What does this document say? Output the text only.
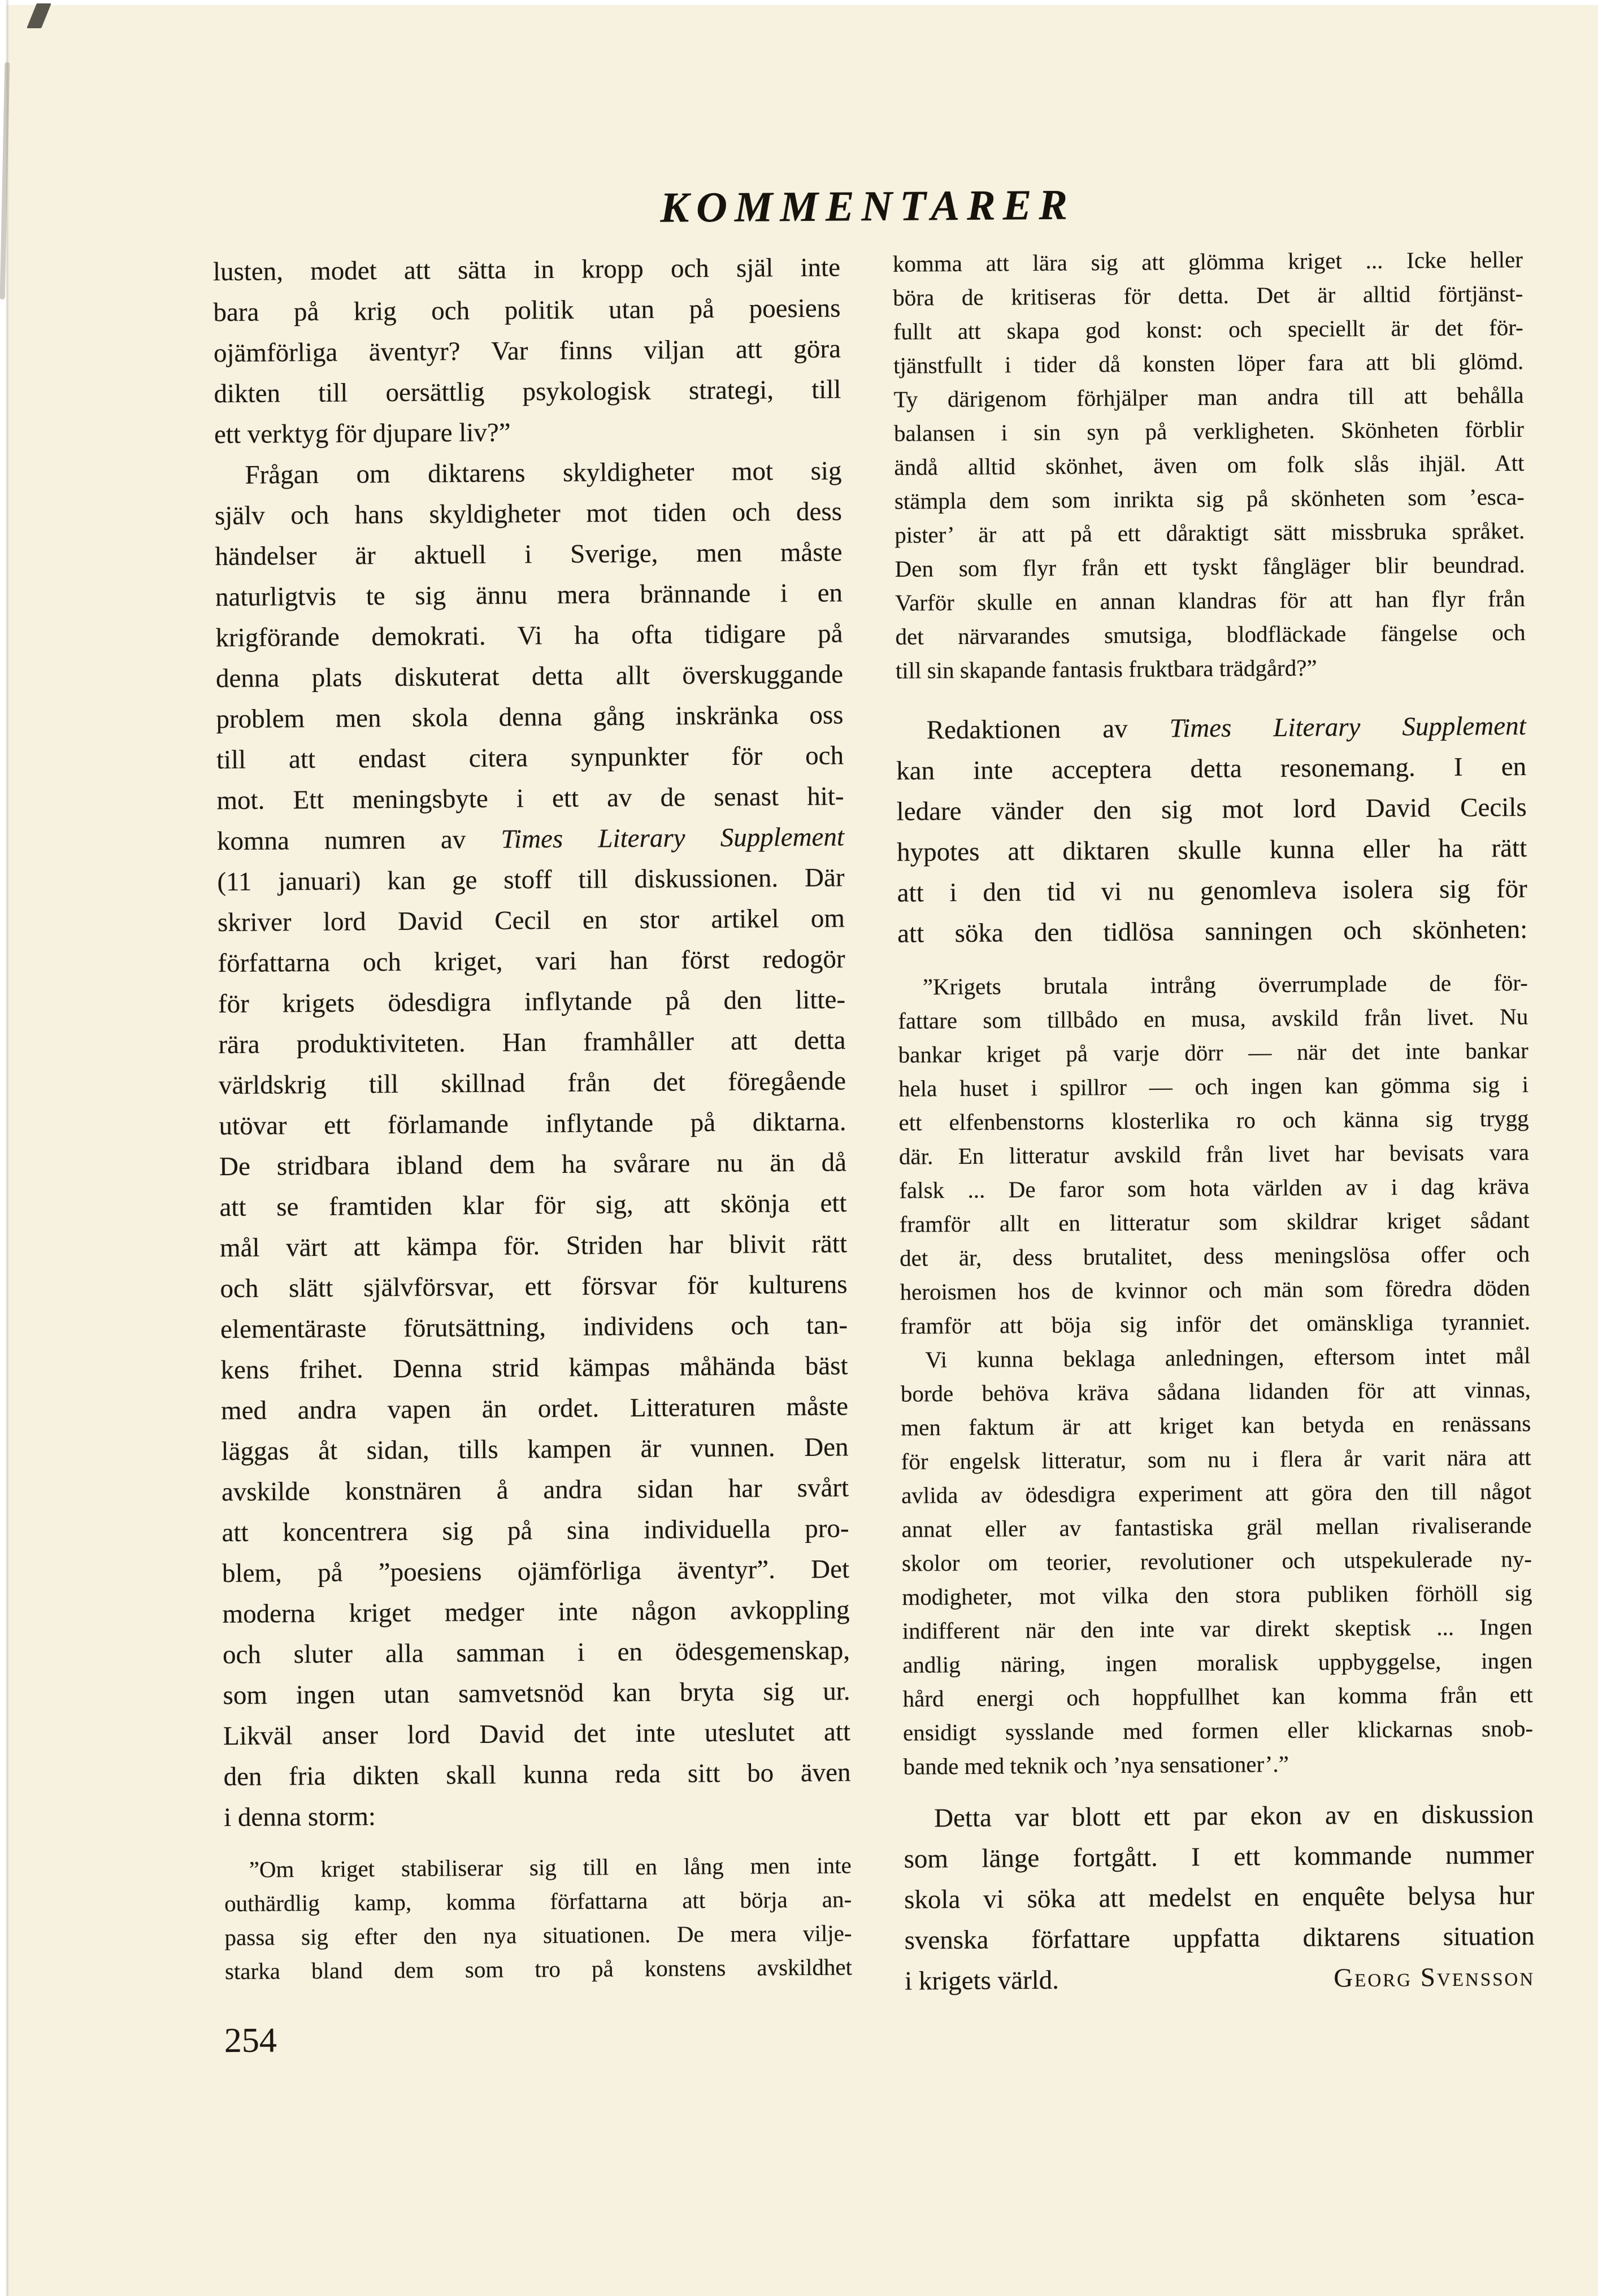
KOMMENTARER
lusten, modet att sätta in kropp och själ inte
bara på krig och politik utan på poesiens
ojämförliga äventyr? Var finns viljan att göra
dikten till oersättlig psykologisk strategi, till
ett verktyg för djupare liv?”
Frågan om diktarens skyldigheter mot sig
själv och hans skyldigheter mot tiden och dess
händelser är aktuell i Sverige, men måste
naturligtvis te sig ännu mera brännande i en
krigförande demokrati. Vi ha ofta tidigare på
denna plats diskuterat detta allt överskuggande
problem men skola denna gång inskränka oss
till att endast citera synpunkter för och
mot. Ett meningsbyte i ett av de senast hit-
komna numren av Times Literary Supplement
(11 januari) kan ge stoff till diskussionen. Där
skriver lord David Cecil en stor artikel om
författarna och kriget, vari han först redogör
för krigets ödesdigra inflytande på den litte-
rära produktiviteten. Han framhåller att detta
världskrig till skillnad från det föregående
utövar ett förlamande inflytande på diktarna.
De stridbara ibland dem ha svårare nu än då
att se framtiden klar för sig, att skönja ett
mål värt att kämpa för. Striden har blivit rätt
och slätt självförsvar, ett försvar för kulturens
elementäraste förutsättning, individens och tan-
kens frihet. Denna strid kämpas måhända bäst
med andra vapen än ordet. Litteraturen måste
läggas åt sidan, tills kampen är vunnen. Den
avskilde konstnären å andra sidan har svårt
att koncentrera sig på sina individuella pro-
blem, på ”poesiens ojämförliga äventyr”. Det
moderna kriget medger inte någon avkoppling
och sluter alla samman i en ödesgemenskap,
som ingen utan samvetsnöd kan bryta sig ur.
Likväl anser lord David det inte uteslutet att
den fria dikten skall kunna reda sitt bo även
i denna storm:
”Om kriget stabiliserar sig till en lång men inte
outhärdlig kamp, komma författarna att börja an-
passa sig efter den nya situationen. De mera vilje-
starka bland dem som tro på konstens avskildhet
komma att lära sig att glömma kriget ... Icke heller
böra de kritiseras för detta. Det är alltid förtjänst-
fullt att skapa god konst: och speciellt är det för-
tjänstfullt i tider då konsten löper fara att bli glömd.
Ty därigenom förhjälper man andra till att behålla
balansen i sin syn på verkligheten. Skönheten förblir
ändå alltid skönhet, även om folk slås ihjäl. Att
stämpla dem som inrikta sig på skönheten som ’esca-
pister’ är att på ett dåraktigt sätt missbruka språket.
Den som flyr från ett tyskt fångläger blir beundrad.
Varför skulle en annan klandras för att han flyr från
det närvarandes smutsiga, blodfläckade fängelse och
till sin skapande fantasis fruktbara trädgård?”
Redaktionen av Times Literary Supplement
kan inte acceptera detta resonemang. I en
ledare vänder den sig mot lord David Cecils
hypotes att diktaren skulle kunna eller ha rätt
att i den tid vi nu genomleva isolera sig för
att söka den tidlösa sanningen och skönheten:
”Krigets brutala intrång överrumplade de för-
fattare som tillbådo en musa, avskild från livet. Nu
bankar kriget på varje dörr — när det inte bankar
hela huset i spillror — och ingen kan gömma sig i
ett elfenbenstorns klosterlika ro och känna sig trygg
där. En litteratur avskild från livet har bevisats vara
falsk ... De faror som hota världen av i dag kräva
framför allt en litteratur som skildrar kriget sådant
det är, dess brutalitet, dess meningslösa offer och
heroismen hos de kvinnor och män som föredra döden
framför att böja sig inför det omänskliga tyranniet.
Vi kunna beklaga anledningen, eftersom intet mål
borde behöva kräva sådana lidanden för att vinnas,
men faktum är att kriget kan betyda en renässans
för engelsk litteratur, som nu i flera år varit nära att
avlida av ödesdigra experiment att göra den till något
annat eller av fantastiska gräl mellan rivaliserande
skolor om teorier, revolutioner och utspekulerade ny-
modigheter, mot vilka den stora publiken förhöll sig
indifferent när den inte var direkt skeptisk ... Ingen
andlig näring, ingen moralisk uppbyggelse, ingen
hård energi och hoppfullhet kan komma från ett
ensidigt sysslande med formen eller klickarnas snob-
bande med teknik och ’nya sensationer’.”
Detta var blott ett par ekon av en diskussion
som länge fortgått. I ett kommande nummer
skola vi söka att medelst en enquête belysa hur
svenska författare uppfatta diktarens situation
i krigets värld.	Georg Svensson
254
